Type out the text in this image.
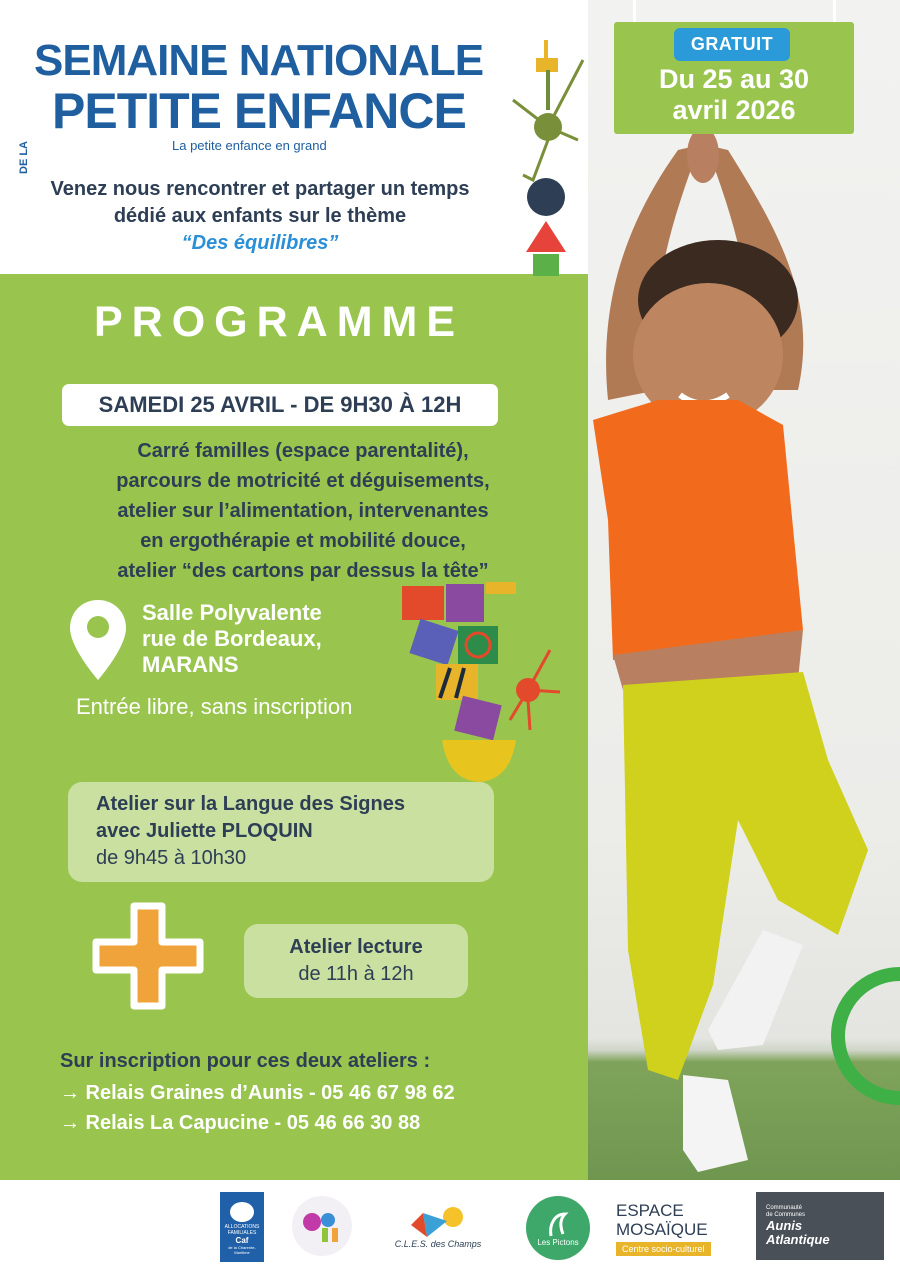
SEMAINE NATIONALE
DE LA
PETITE ENFANCE
La petite enfance en grand
Venez nous rencontrer et partager un temps dédié aux enfants sur le thème
“Des équilibres”
GRATUIT
Du 25 au 30
avril 2026
PROGRAMME
SAMEDI 25 AVRIL - DE 9H30 À 12H
Carré familles (espace parentalité),
parcours de motricité et déguisements,
atelier sur l’alimentation, intervenantes
en ergothérapie et mobilité douce,
atelier “des cartons par dessus la tête”
Salle Polyvalente
rue de Bordeaux,
MARANS
Entrée libre, sans inscription
Atelier sur la Langue des Signes
avec Juliette PLOQUIN
de 9h45 à 10h30
Atelier lecture
de 11h à 12h
Sur inscription pour ces deux ateliers :
→ Relais Graines d’Aunis - 05 46 67 98 62
→ Relais La Capucine - 05 46 66 30 88
ALLOCATIONS
FAMILIALES
Caf
de la Charente-
Maritime
C.L.E.S. des Champs	Les Pictons
ESPACE
MOSAÏQUE
Centre socio-culturel
Communauté
de Communes
Aunis
Atlantique
